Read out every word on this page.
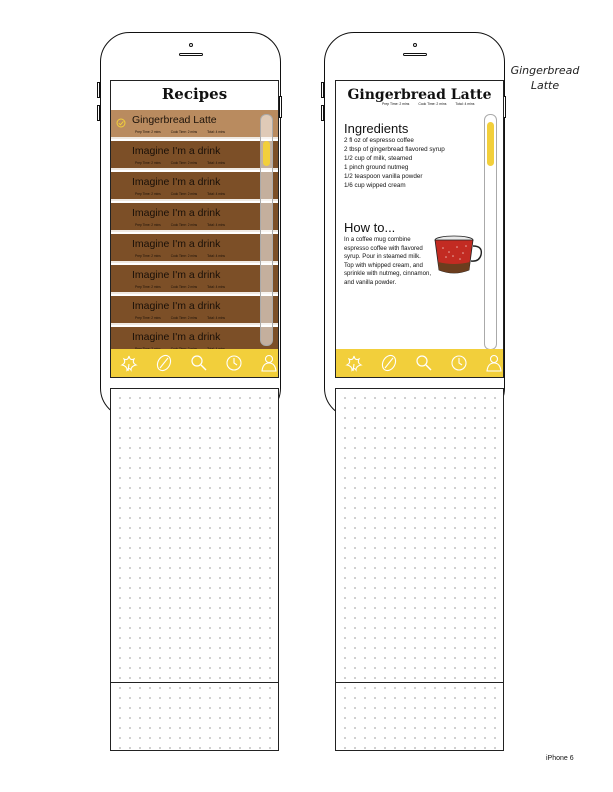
Recipes
Gingerbread Latte
Prep Time: 2 mins	Cook Time: 2 mins	Total: 4 mins
Imagine I'm a drink
Prep Time: 2 mins	Cook Time: 2 mins	Total: 4 mins
Imagine I'm a drink
Prep Time: 2 mins	Cook Time: 2 mins	Total: 4 mins
Imagine I'm a drink
Prep Time: 2 mins	Cook Time: 2 mins	Total: 4 mins
Imagine I'm a drink
Prep Time: 2 mins	Cook Time: 2 mins	Total: 4 mins
Imagine I'm a drink
Prep Time: 2 mins	Cook Time: 2 mins	Total: 4 mins
Imagine I'm a drink
Prep Time: 2 mins	Cook Time: 2 mins	Total: 4 mins
Imagine I'm a drink
Gingerbread Latte
Prep Time: 2 mins	Cook Time: 2 mins	Total: 4 mins
Ingredients
2 fl oz of espresso coffee
2 tbsp of gingerbread flavored syrup
1/2 cup of milk, steamed
1 pinch ground nutmeg
1/2 teaspoon vanilla powder
1/6 cup wipped cream
How to...
In a coffee mug combine espresso coffee with flavored syrup. Pour in steamed milk. Top with whipped cream, and sprinkle with nutmeg, cinnamon, and vanilla powder.
Gingerbread Latte
iPhone 6
